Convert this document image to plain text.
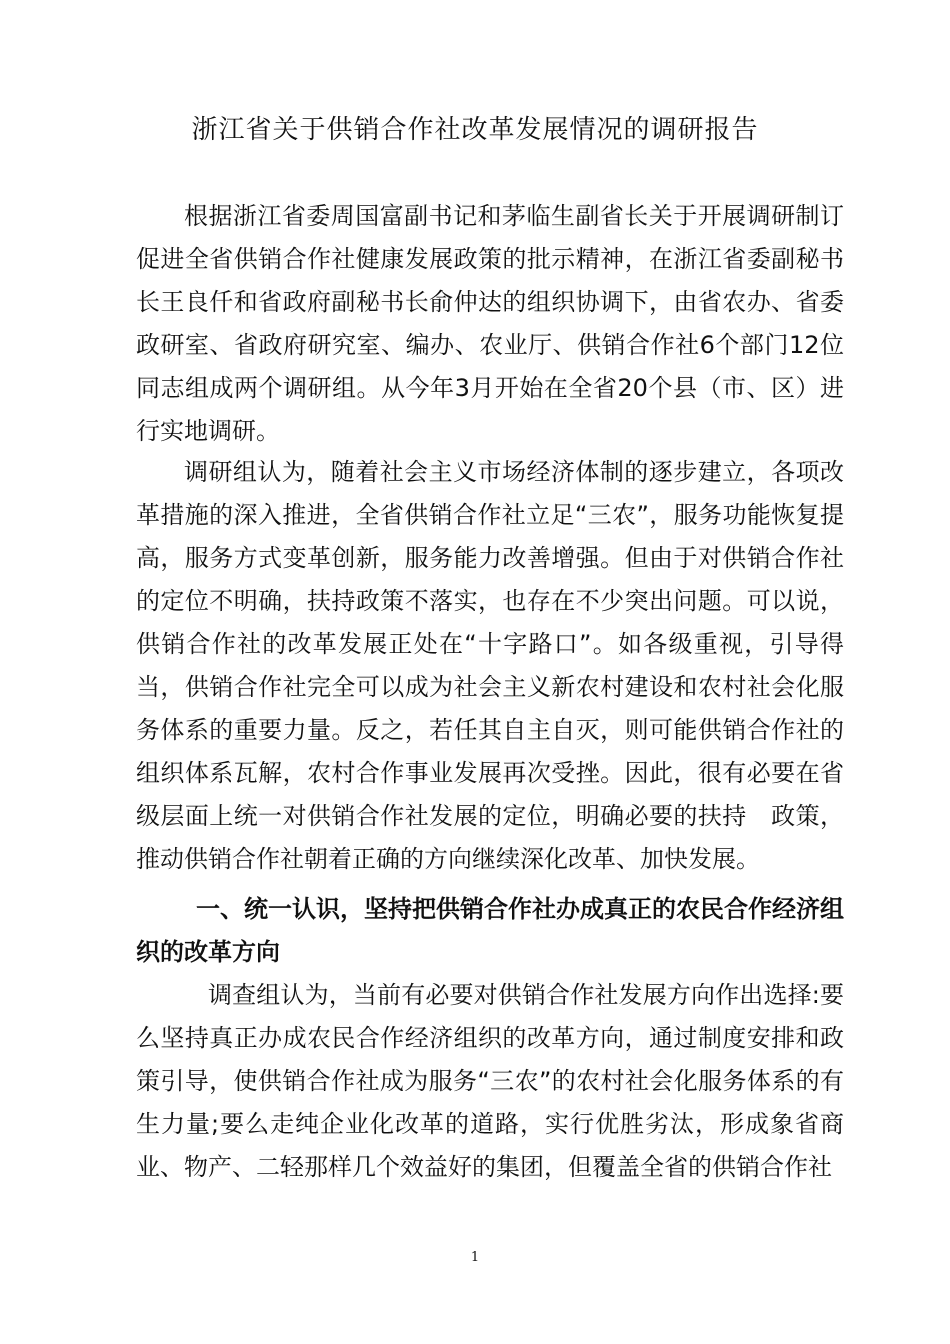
浙江省关于供销合作社改革发展情况的调研报告

根据浙江省委周国富副书记和茅临生副省长关于开展调研制订促进全省供销合作社健康发展政策的批示精神，在浙江省委副秘书长王良仟和省政府副秘书长俞仲达的组织协调下，由省农办、省委政研室、省政府研究室、编办、农业厅、供销合作社6个部门12位同志组成两个调研组。从今年3月开始在全省20个县（市、区）进行实地调研。

调研组认为，随着社会主义市场经济体制的逐步建立，各项改革措施的深入推进，全省供销合作社立足“三农”，服务功能恢复提高，服务方式变革创新，服务能力改善增强。但由于对供销合作社的定位不明确，扶持政策不落实，也存在不少突出问题。可以说，供销合作社的改革发展正处在“十字路口”。如各级重视，引导得当，供销合作社完全可以成为社会主义新农村建设和农村社会化服务体系的重要力量。反之，若任其自主自灭，则可能供销合作社的组织体系瓦解，农村合作事业发展再次受挫。因此，很有必要在省级层面上统一对供销合作社发展的定位，明确必要的扶持　政策，推动供销合作社朝着正确的方向继续深化改革、加快发展。

一、统一认识，坚持把供销合作社办成真正的农民合作经济组织的改革方向

调查组认为，当前有必要对供销合作社发展方向作出选择:要么坚持真正办成农民合作经济组织的改革方向，通过制度安排和政策引导，使供销合作社成为服务“三农”的农村社会化服务体系的有生力量;要么走纯企业化改革的道路，实行优胜劣汰，形成象省商业、物产、二轻那样几个效益好的集团，但覆盖全省的供销合作社

1
